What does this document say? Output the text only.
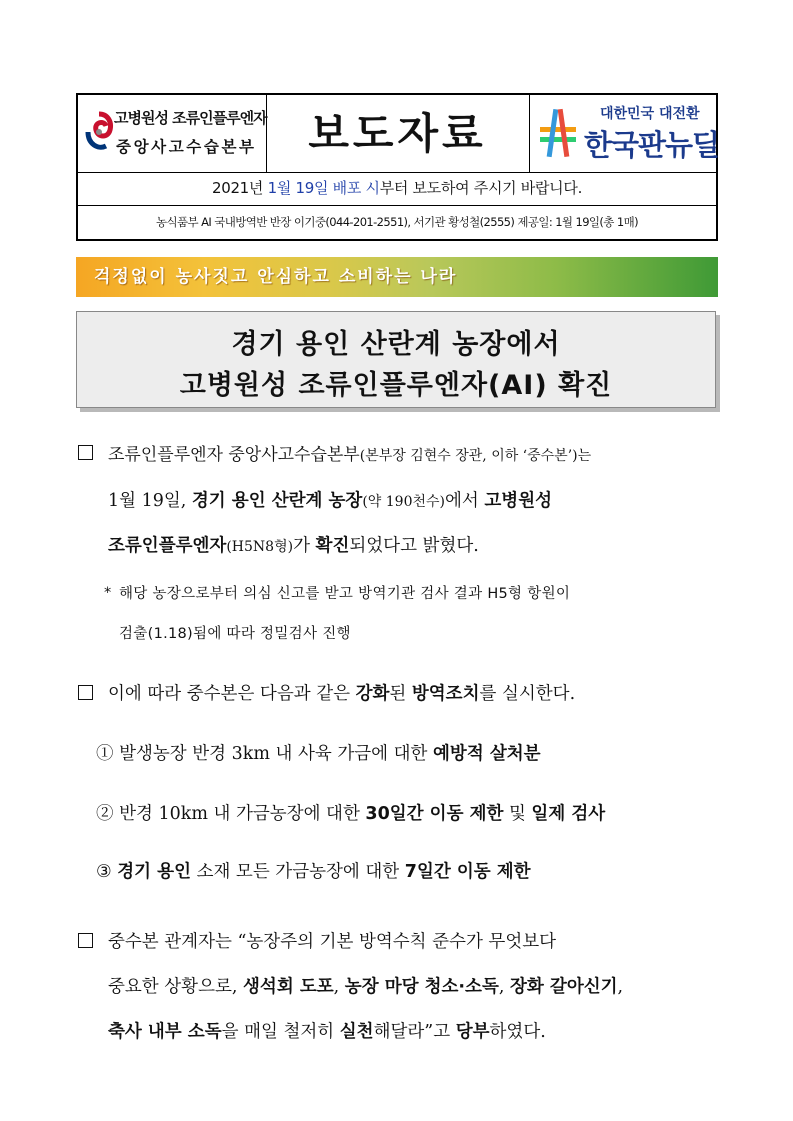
고병원성 조류인플루엔자
중앙사고수습본부	보도자료	대한민국 대전환
한국판뉴딜
2021년 1월 19일 배포 시부터 보도하여 주시기 바랍니다.
농식품부 AI 국내방역반 반장 이기중(044-201-2551), 서기관 황성철(2555) 제공일: 1월 19일(총 1매)
걱정없이 농사짓고 안심하고 소비하는 나라
경기 용인 산란계 농장에서
고병원성 조류인플루엔자(AI) 확진
조류인플루엔자 중앙사고수습본부(본부장 김현수 장관, 이하 ‘중수본’)는
1월 19일, 경기 용인 산란계 농장(약 190천수)에서 고병원성
조류인플루엔자(H5N8형)가 확진되었다고 밝혔다.
* 해당 농장으로부터 의심 신고를 받고 방역기관 검사 결과 H5형 항원이
검출(1.18)됨에 따라 정밀검사 진행
이에 따라 중수본은 다음과 같은 강화된 방역조치를 실시한다.
① 발생농장 반경 3km 내 사육 가금에 대한 예방적 살처분
② 반경 10km 내 가금농장에 대한 30일간 이동 제한 및 일제 검사
③ 경기 용인 소재 모든 가금농장에 대한 7일간 이동 제한
중수본 관계자는 “농장주의 기본 방역수칙 준수가 무엇보다
중요한 상황으로, 생석회 도포, 농장 마당 청소·소독, 장화 갈아신기,
축사 내부 소독을 매일 철저히 실천해달라”고 당부하였다.
